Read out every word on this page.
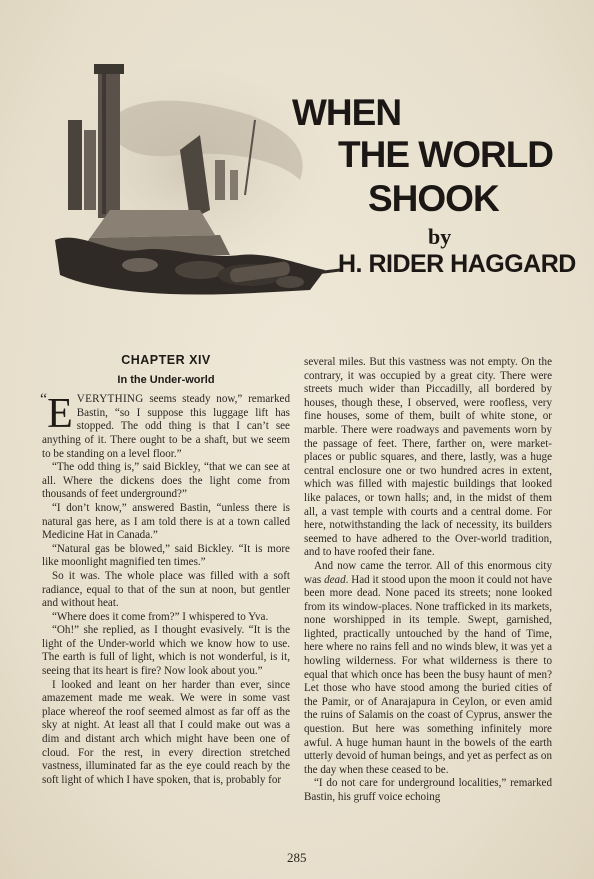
WHEN
THE WORLD
SHOOK
by
H. RIDER HAGGARD
CHAPTER XIV
In the Under-world

“ E VERYTHING seems steady now,” remarked Bastin, “so I suppose this luggage lift has stopped. The odd thing is that I can’t see anything of it. There ought to be a shaft, but we seem to be standing on a level floor.”

“The odd thing is,” said Bickley, “that we can see at all. Where the dickens does the light come from thousands of feet underground?”

“I don’t know,” answered Bastin, “unless there is natural gas here, as I am told there is at a town called Medicine Hat in Canada.”

“Natural gas be blowed,” said Bickley. “It is more like moonlight magnified ten times.”

So it was. The whole place was filled with a soft radiance, equal to that of the sun at noon, but gentler and without heat.

“Where does it come from?” I whispered to Yva.

“Oh!” she replied, as I thought evasively. “It is the light of the Under-world which we know how to use. The earth is full of light, which is not wonderful, is it, seeing that its heart is fire? Now look about you.”

I looked and leant on her harder than ever, since amazement made me weak. We were in some vast place whereof the roof seemed almost as far off as the sky at night. At least all that I could make out was a dim and distant arch which might have been one of cloud. For the rest, in every direction stretched vastness, illuminated far as the eye could reach by the soft light of which I have spoken, that is, probably for

several miles. But this vastness was not empty. On the contrary, it was occupied by a great city. There were streets much wider than Piccadilly, all bordered by houses, though these, I observed, were roofless, very fine houses, some of them, built of white stone, or marble. There were roadways and pavements worn by the passage of feet. There, farther on, were market-places or public squares, and there, lastly, was a huge central enclosure one or two hundred acres in extent, which was filled with majestic buildings that looked like palaces, or town halls; and, in the midst of them all, a vast temple with courts and a central dome. For here, notwithstanding the lack of necessity, its builders seemed to have adhered to the Over-world tradition, and to have roofed their fane.

And now came the terror. All of this enormous city was dead. Had it stood upon the moon it could not have been more dead. None paced its streets; none looked from its window-places. None trafficked in its markets, none worshipped in its temple. Swept, garnished, lighted, practically untouched by the hand of Time, here where no rains fell and no winds blew, it was yet a howling wilderness. For what wilderness is there to equal that which once has been the busy haunt of men? Let those who have stood among the buried cities of the Pamir, or of Anarajapura in Ceylon, or even amid the ruins of Salamis on the coast of Cyprus, answer the question. But here was something infinitely more awful. A huge human haunt in the bowels of the earth utterly devoid of human beings, and yet as perfect as on the day when these ceased to be.

“I do not care for underground localities,” remarked Bastin, his gruff voice echoing

285
